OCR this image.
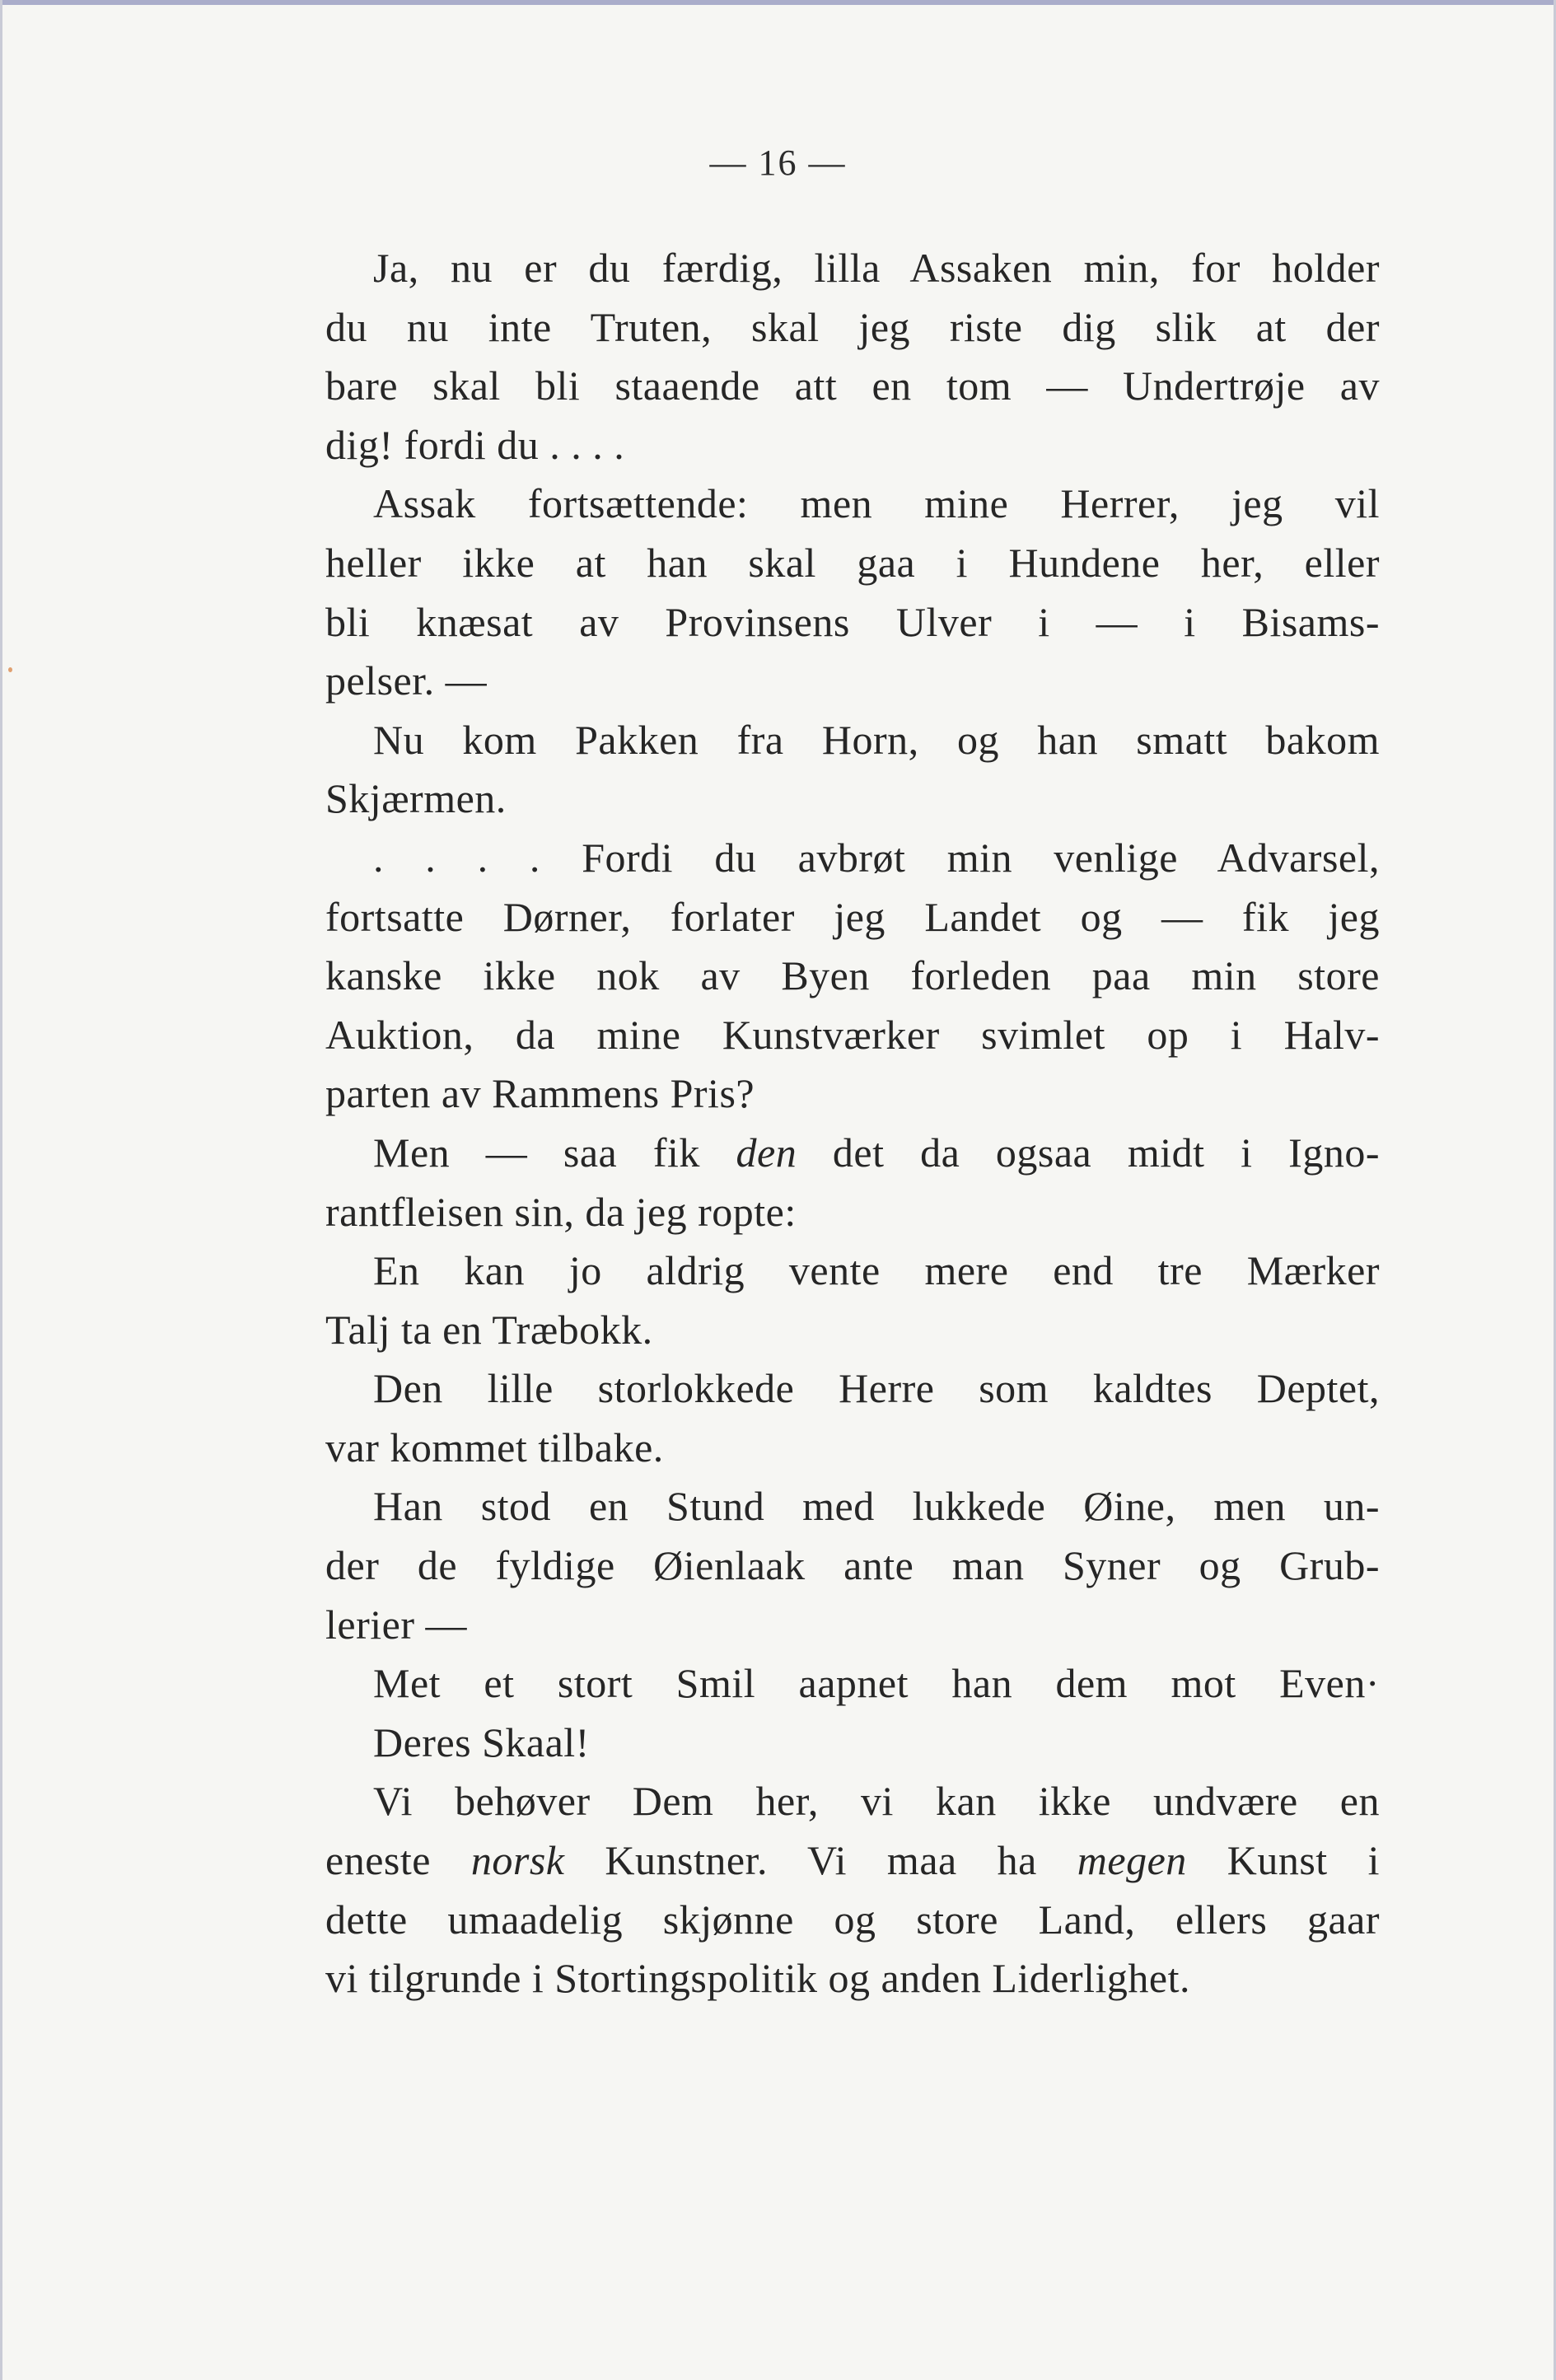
— 16 —
Ja, nu er du færdig, lilla Assaken min, for holder
du nu inte Truten, skal jeg riste dig slik at der
bare skal bli staaende att en tom — Undertrøje av
dig! fordi du . . . .
Assak fortsættende: men mine Herrer, jeg vil
heller ikke at han skal gaa i Hundene her, eller
bli knæsat av Provinsens Ulver i — i Bisams-
pelser. —
Nu kom Pakken fra Horn, og han smatt bakom
Skjærmen.
. . . . Fordi du avbrøt min venlige Advarsel,
fortsatte Dørner, forlater jeg Landet og — fik jeg
kanske ikke nok av Byen forleden paa min store
Auktion, da mine Kunstværker svimlet op i Halv-
parten av Rammens Pris?
Men — saa fik den det da ogsaa midt i Igno-
rantfleisen sin, da jeg ropte:
En kan jo aldrig vente mere end tre Mærker
Talj ta en Træbokk.
Den lille storlokkede Herre som kaldtes Deptet,
var kommet tilbake.
Han stod en Stund med lukkede Øine, men un-
der de fyldige Øienlaak ante man Syner og Grub-
lerier —
Met et stort Smil aapnet han dem mot Even·
Deres Skaal!
Vi behøver Dem her, vi kan ikke undvære en
eneste norsk Kunstner. Vi maa ha megen Kunst i
dette umaadelig skjønne og store Land, ellers gaar
vi tilgrunde i Stortingspolitik og anden Liderlighet.
